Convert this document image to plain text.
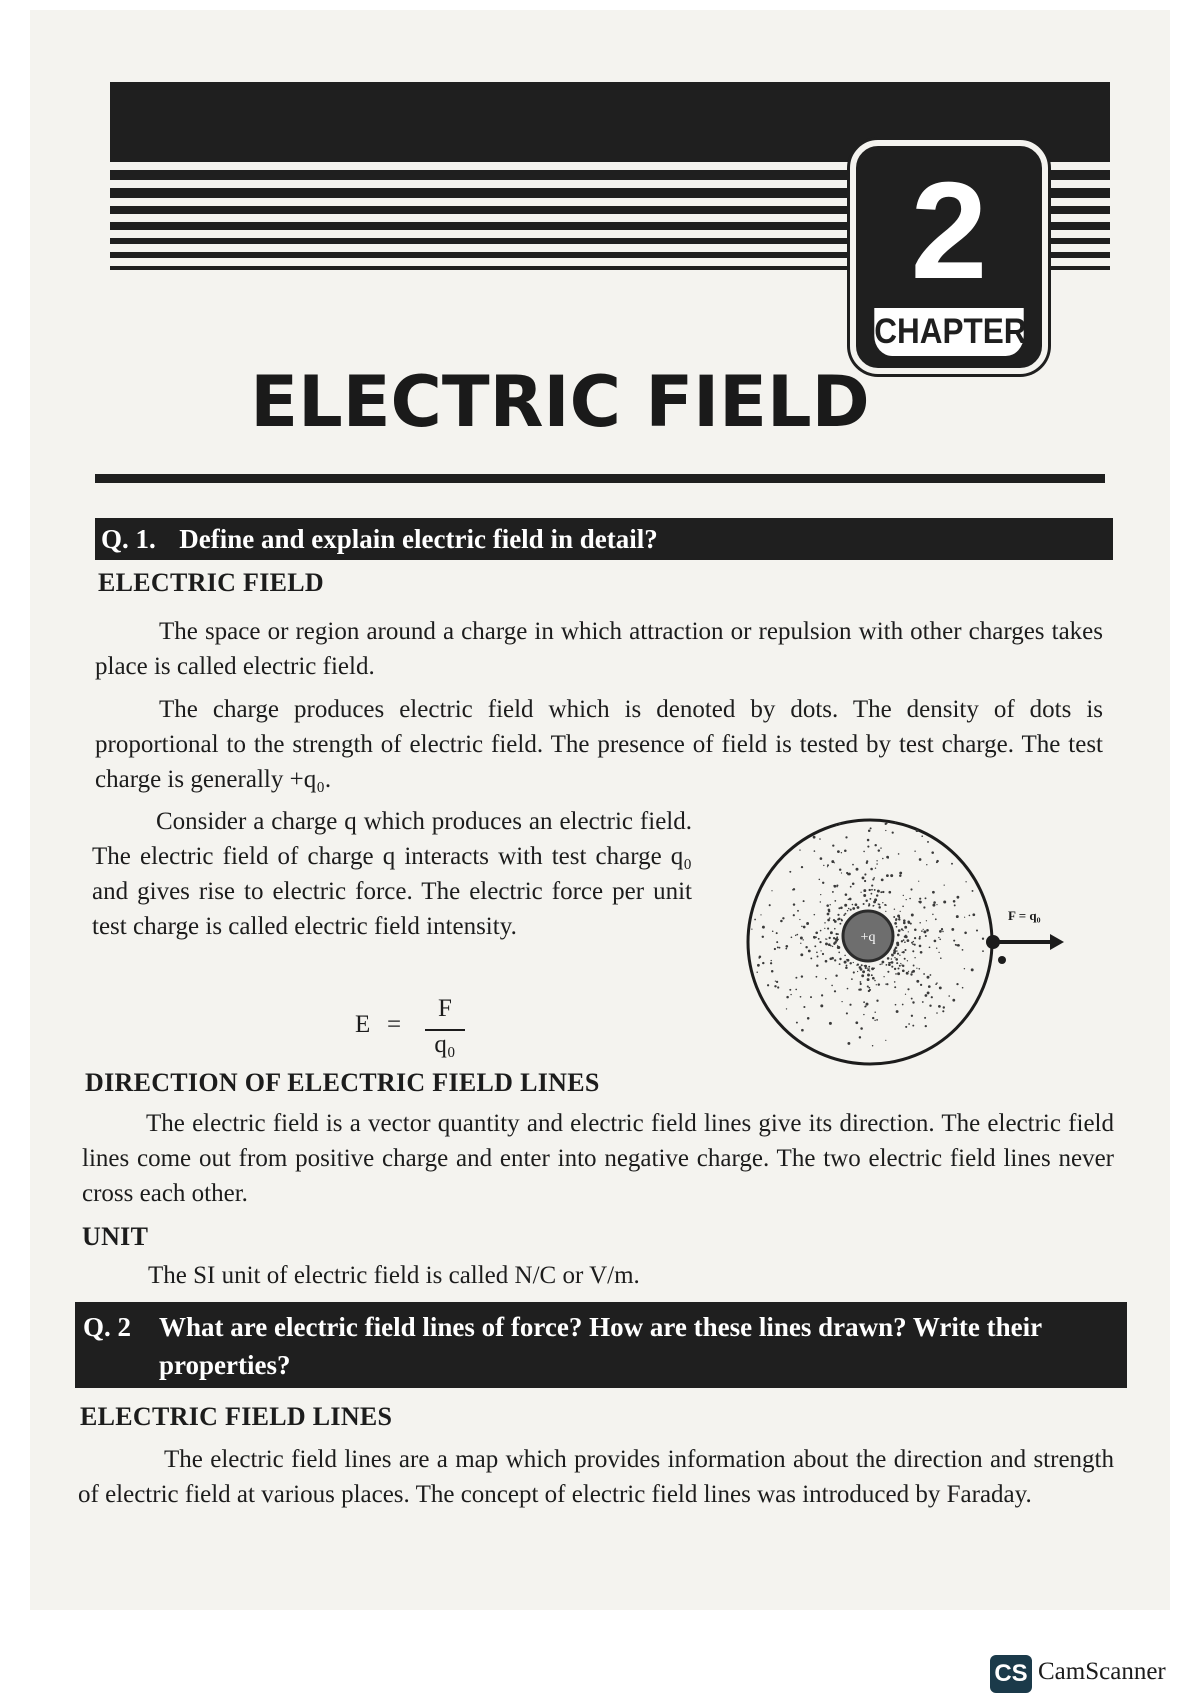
2
CHAPTER
ELECTRIC FIELD
Q. 1. Define and explain electric field in detail?
ELECTRIC FIELD
The space or region around a charge in which attraction or repulsion with other charges takes place is called electric field.
The charge produces electric field which is denoted by dots. The density of dots is proportional to the strength of electric field. The presence of field is tested by test charge. The test charge is generally +q₀.
Consider a charge q which produces an electric field. The electric field of charge q interacts with test charge q₀ and gives rise to electric force. The electric force per unit test charge is called electric field intensity.
E =
F
q₀
+q
F = q₀
DIRECTION OF ELECTRIC FIELD LINES
The electric field is a vector quantity and electric field lines give its direction. The electric field lines come out from positive charge and enter into negative charge. The two electric field lines never cross each other.
UNIT
The SI unit of electric field is called N/C or V/m.
Q. 2 What are electric field lines of force? How are these lines drawn? Write their properties?
ELECTRIC FIELD LINES
The electric field lines are a map which provides information about the direction and strength of electric field at various places. The concept of electric field lines was introduced by Faraday.
CS CamScanner
